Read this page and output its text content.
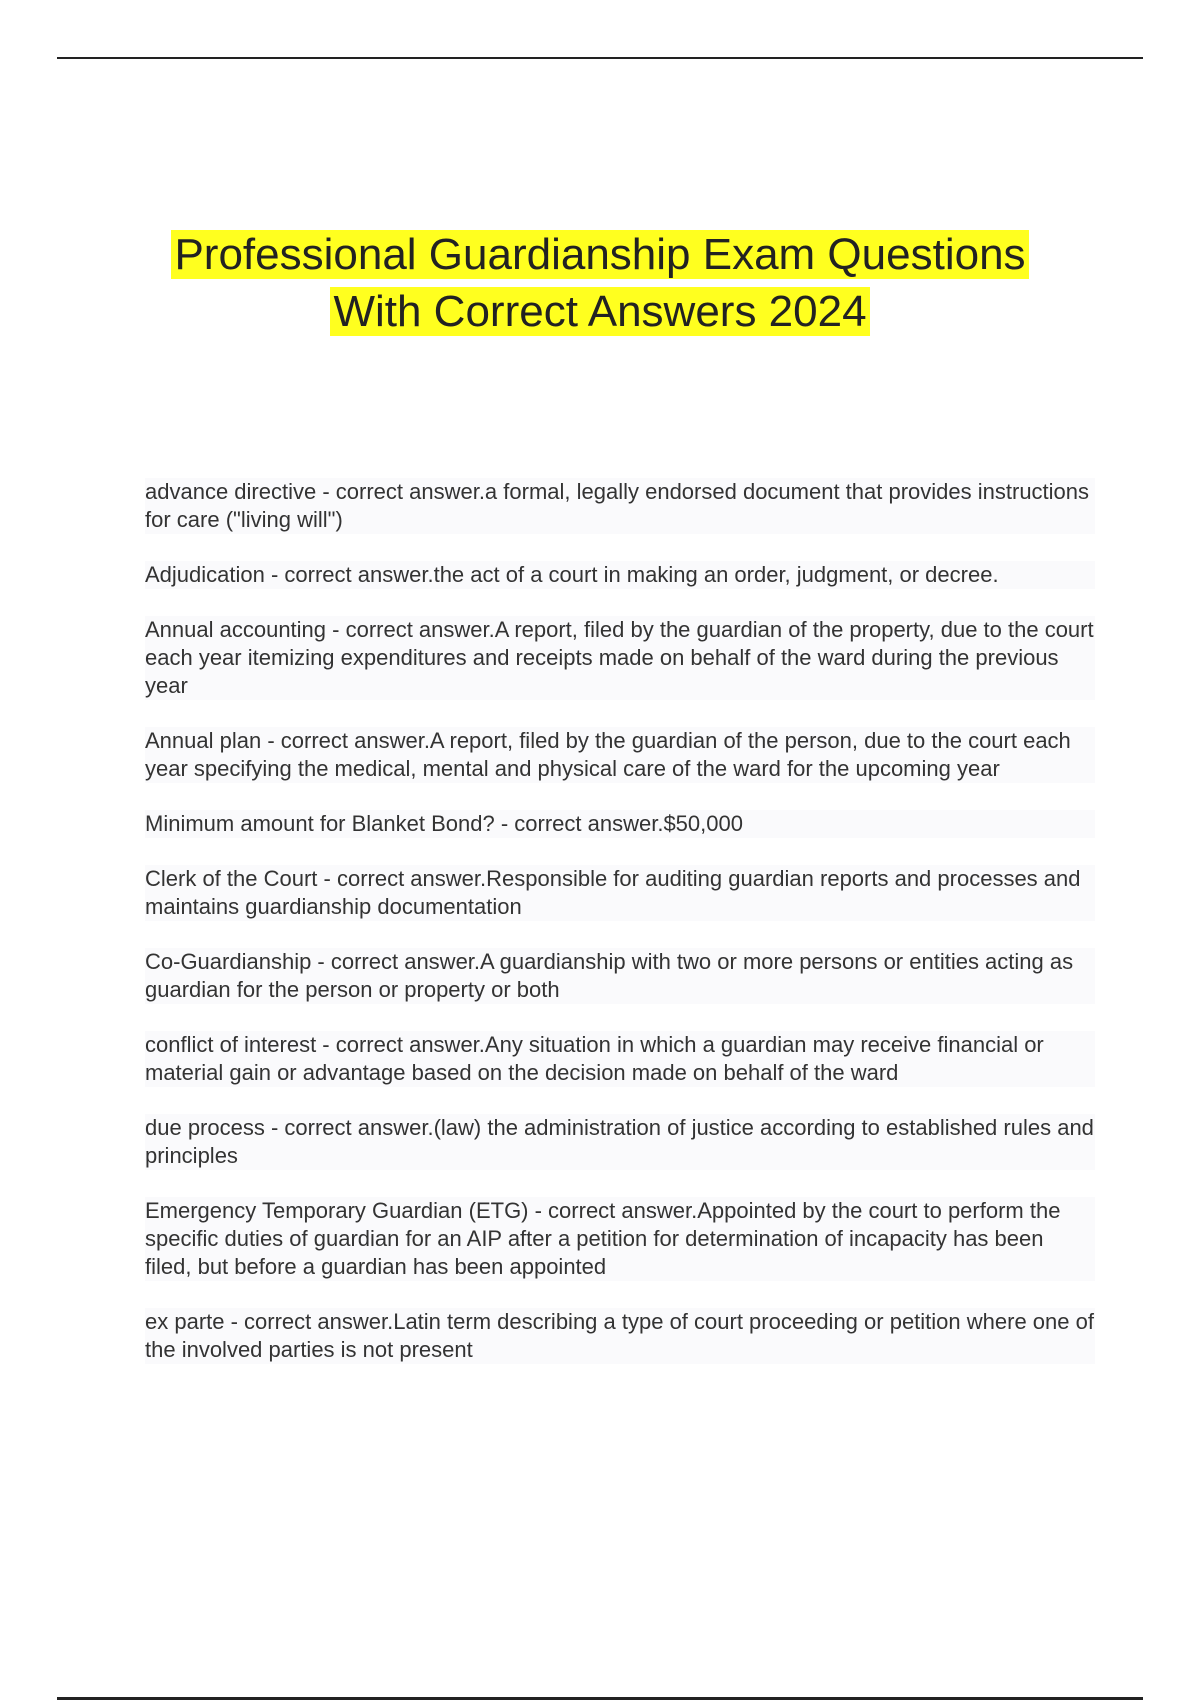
Professional Guardianship Exam Questions
With Correct Answers 2024
advance directive - correct answer.a formal, legally endorsed document that provides instructions for care ("living will")
Adjudication - correct answer.the act of a court in making an order, judgment, or decree.
Annual accounting - correct answer.A report, filed by the guardian of the property, due to the court each year itemizing expenditures and receipts made on behalf of the ward during the previous year
Annual plan - correct answer.A report, filed by the guardian of the person, due to the court each year specifying the medical, mental and physical care of the ward for the upcoming year
Minimum amount for Blanket Bond? - correct answer.$50,000
Clerk of the Court - correct answer.Responsible for auditing guardian reports and processes and maintains guardianship documentation
Co-Guardianship - correct answer.A guardianship with two or more persons or entities acting as guardian for the person or property or both
conflict of interest - correct answer.Any situation in which a guardian may receive financial or material gain or advantage based on the decision made on behalf of the ward
due process - correct answer.(law) the administration of justice according to established rules and principles
Emergency Temporary Guardian (ETG) - correct answer.Appointed by the court to perform the specific duties of guardian for an AIP after a petition for determination of incapacity has been filed, but before a guardian has been appointed
ex parte - correct answer.Latin term describing a type of court proceeding or petition where one of the involved parties is not present
